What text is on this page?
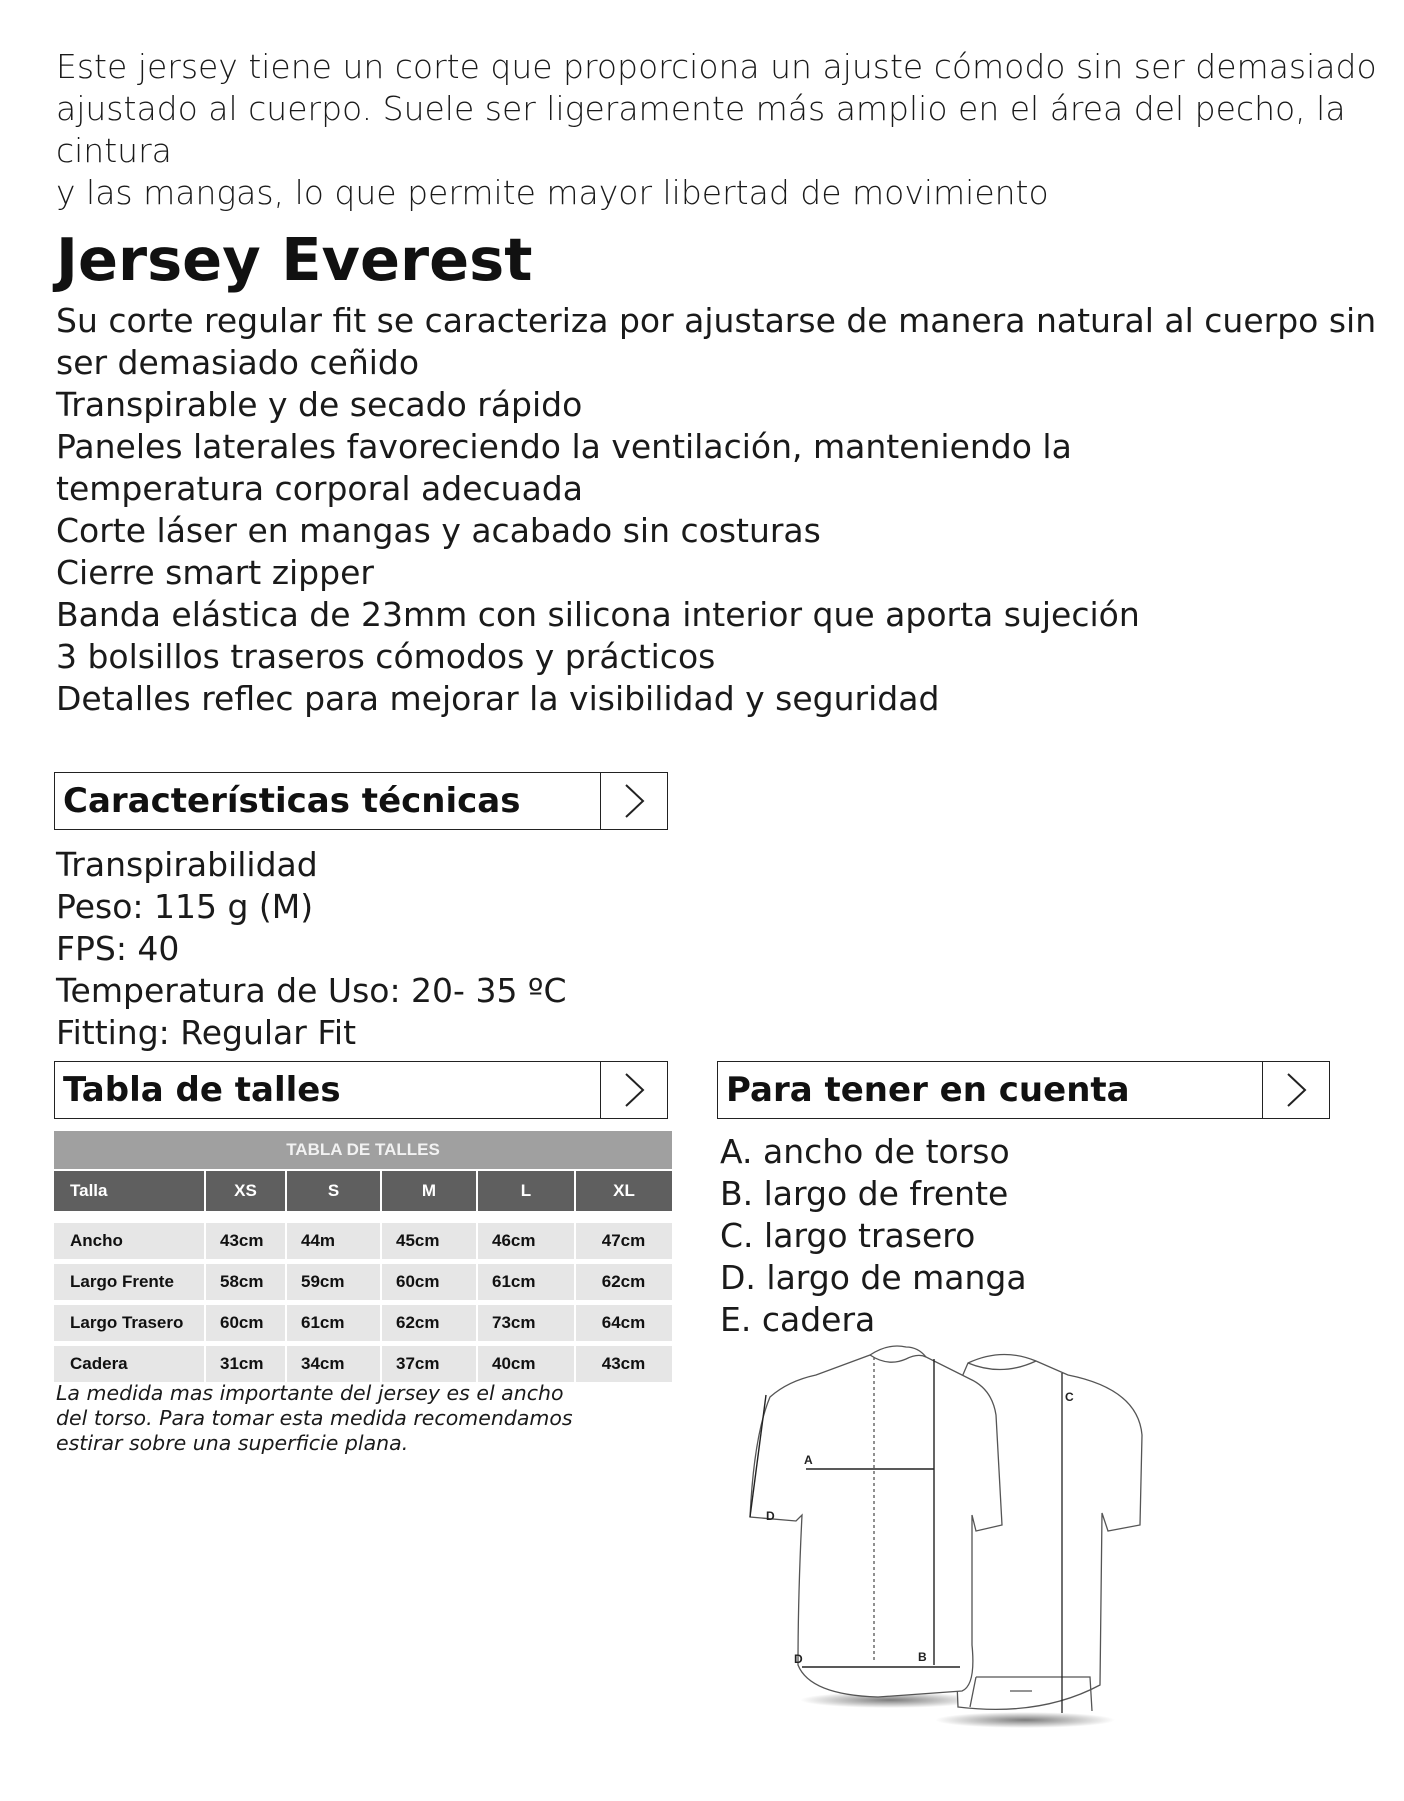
Este jersey tiene un corte que proporciona un ajuste cómodo sin ser demasiado
ajustado al cuerpo. Suele ser ligeramente más amplio en el área del pecho, la cintura
y las mangas, lo que permite mayor libertad de movimiento
Jersey Everest
Su corte regular fit se caracteriza por ajustarse de manera natural al cuerpo sin
ser demasiado ceñido
Transpirable y de secado rápido
Paneles laterales favoreciendo la ventilación, manteniendo la
temperatura corporal adecuada
Corte láser en mangas y acabado sin costuras
Cierre smart zipper
Banda elástica de 23mm con silicona interior que aporta sujeción
3 bolsillos traseros cómodos y prácticos
Detalles reflec para mejorar la visibilidad y seguridad
Características técnicas
Transpirabilidad
Peso: 115 g (M)
FPS: 40
Temperatura de Uso: 20- 35 ºC
Fitting: Regular Fit
Tabla de talles
TABLA DE TALLES					
Talla	XS	S	M	L	XL
Ancho	43cm	44m	45cm	46cm	47cm
Largo Frente	58cm	59cm	60cm	61cm	62cm
Largo Trasero	60cm	61cm	62cm	73cm	64cm
Cadera	31cm	34cm	37cm	40cm	43cm
La medida mas importante del jersey es el ancho
del torso. Para tomar esta medida recomendamos
estirar sobre una superficie plana.
Para tener en cuenta
A. ancho de torso
B. largo de frente
C. largo trasero
D. largo de manga
E. cadera
C
A
B
D
D
